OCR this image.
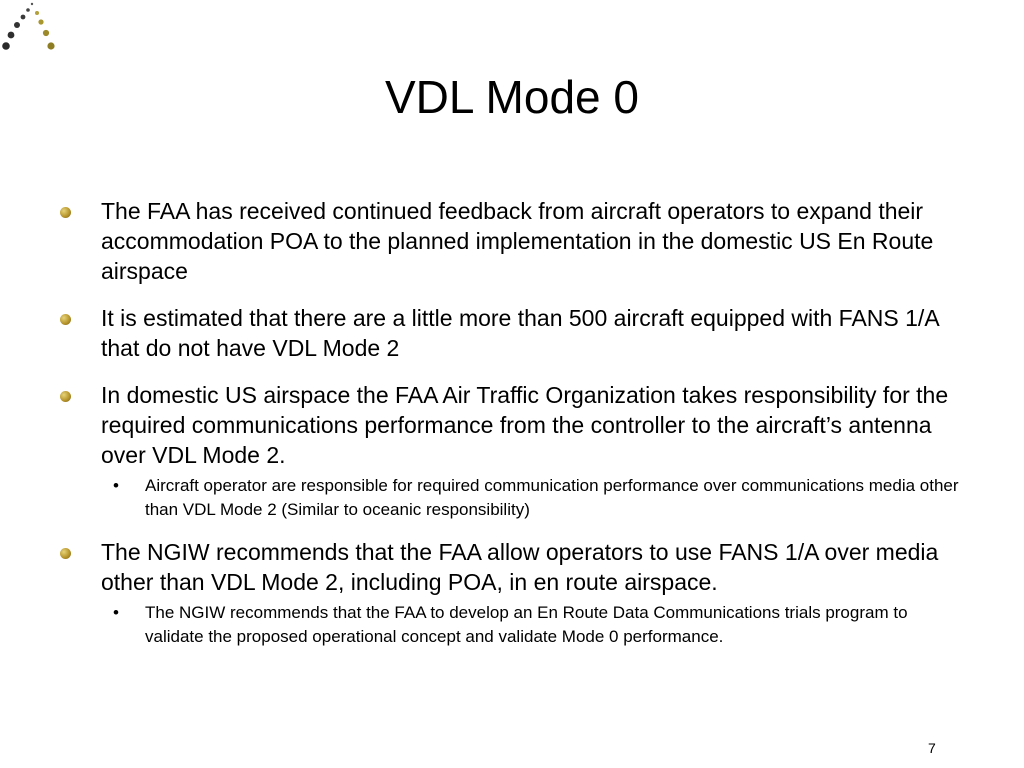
VDL Mode 0
The FAA has received continued feedback from aircraft operators to expand their accommodation POA to the planned implementation in the domestic US En Route airspace
It is estimated that there are a little more than 500 aircraft equipped with FANS 1/A that do not have VDL Mode 2
In domestic US airspace the FAA Air Traffic Organization takes responsibility for the required communications performance from the controller to the aircraft’s antenna over VDL Mode 2.
• Aircraft operator are responsible for required communication performance over communications media other than VDL Mode 2 (Similar to oceanic responsibility)
The NGIW recommends that the FAA allow operators to use FANS 1/A over media other than VDL Mode 2, including POA, in en route airspace.
• The NGIW recommends that the FAA to develop an En Route Data Communications trials program to validate the proposed operational concept and validate Mode 0 performance.
7
